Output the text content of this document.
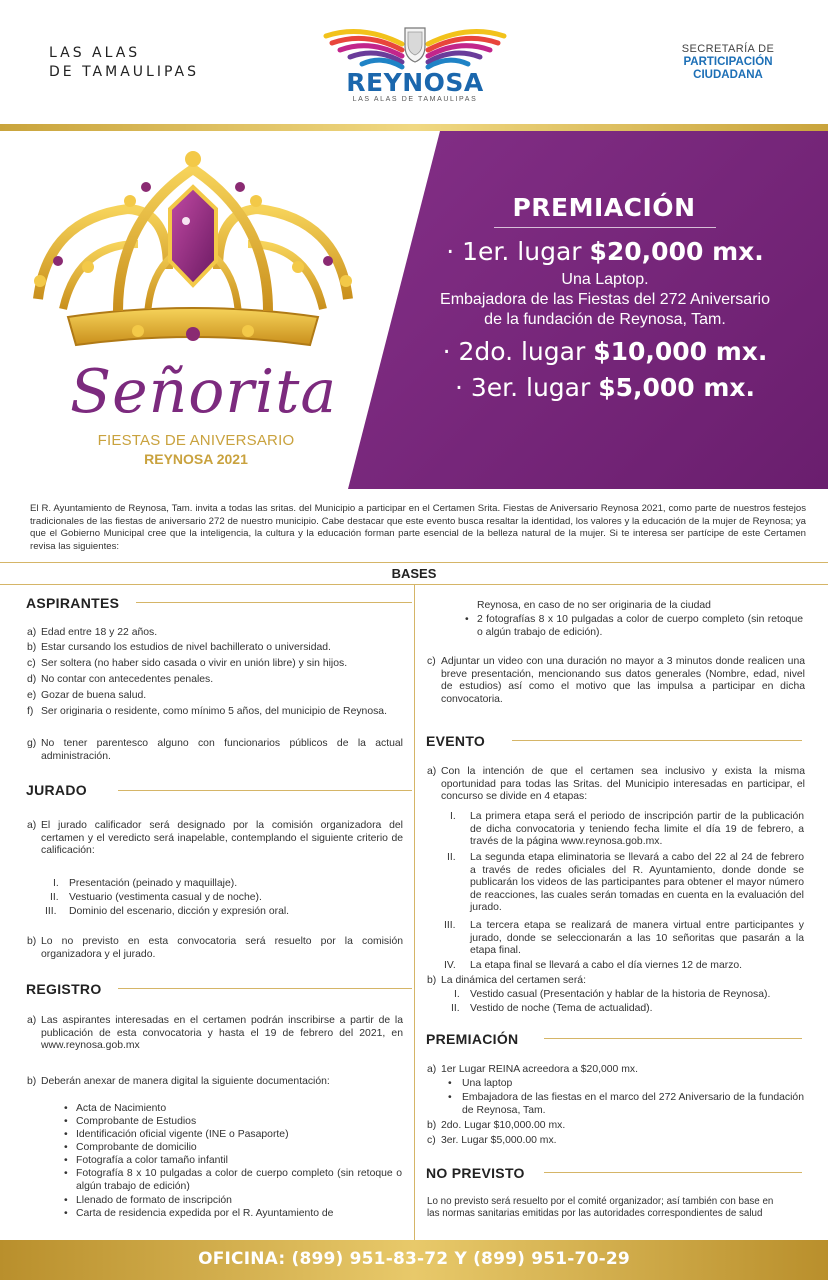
LAS ALAS
DE TAMAULIPAS	REYNOSA
LAS ALAS DE TAMAULIPAS
SECRETARÍA DE
PARTICIPACIÓN
CIUDADANA
Señorita
FIESTAS DE ANIVERSARIO
REYNOSA 2021
PREMIACIÓN
· 1er. lugar $20,000 mx.
Una Laptop.
Embajadora de las Fiestas del 272 Aniversario
de la fundación de Reynosa, Tam.
· 2do. lugar $10,000 mx.
· 3er. lugar $5,000 mx.
El R. Ayuntamiento de Reynosa, Tam. invita a todas las sritas. del Municipio a participar en el Certamen Srita. Fiestas de Aniversario Reynosa 2021, como parte de nuestros festejos tradicionales de las fiestas de aniversario 272 de nuestro municipio. Cabe destacar que este evento busca resaltar la identidad, los valores y la educación de la mujer de Reynosa; ya que el Gobierno Municipal cree que la inteligencia, la cultura y la educación forman parte esencial de la belleza natural de la mujer. Si te interesa ser partícipe de este Certamen revisa las siguientes:
BASES
ASPIRANTES
a) Edad entre 18 y 22 años.
b) Estar cursando los estudios de nivel bachillerato o universidad.
c) Ser soltera (no haber sido casada o vivir en unión libre) y sin hijos.
d) No contar con antecedentes penales.
e) Gozar de buena salud.
f) Ser originaria o residente, como mínimo 5 años, del municipio de Reynosa.
g) No tener parentesco alguno con funcionarios públicos de la actual administración.
JURADO
a) El jurado calificador será designado por la comisión organizadora del certamen y el veredicto será inapelable, contemplando el siguiente criterio de calificación:
I. Presentación (peinado y maquillaje).
II. Vestuario (vestimenta casual y de noche).
III. Dominio del escenario, dicción y expresión oral.
b) Lo no previsto en esta convocatoria será resuelto por la comisión organizadora y el jurado.
REGISTRO
a) Las aspirantes interesadas en el certamen podrán inscribirse a partir de la publicación de esta convocatoria y hasta el 19 de febrero del 2021, en www.reynosa.gob.mx
b) Deberán anexar de manera digital la siguiente documentación:
• Acta de Nacimiento
• Comprobante de Estudios
• Identificación oficial vigente (INE o Pasaporte)
• Comprobante de domicilio
• Fotografía a color tamaño infantil
• Fotografía 8 x 10 pulgadas a color de cuerpo completo (sin retoque o algún trabajo de edición)
• Llenado de formato de inscripción
• Carta de residencia expedida por el R. Ayuntamiento de
Reynosa, en caso de no ser originaria de la ciudad
• 2 fotografías 8 x 10 pulgadas a color de cuerpo completo (sin retoque o algún trabajo de edición).
c) Adjuntar un video con una duración no mayor a 3 minutos donde realicen una breve presentación, mencionando sus datos generales (Nombre, edad, nivel de estudios) así como el motivo que las impulsa a participar en dicha convocatoria.
EVENTO
a) Con la intención de que el certamen sea inclusivo y exista la misma oportunidad para todas las Sritas. del Municipio interesadas en participar, el concurso se divide en 4 etapas:
I. La primera etapa será el periodo de inscripción partir de la publicación de dicha convocatoria y teniendo fecha limite el día 19 de febrero, a través de la página www.reynosa.gob.mx.
II. La segunda etapa eliminatoria se llevará a cabo del 22 al 24 de febrero a través de redes oficiales del R. Ayuntamiento, donde donde se publicarán los videos de las participantes para obtener el mayor número de reacciones, las cuales serán tomadas en cuenta en la evaluación del jurado.
III. La tercera etapa se realizará de manera virtual entre participantes y jurado, donde se seleccionarán a las 10 señoritas que pasarán a la etapa final.
IV. La etapa final se llevará a cabo el día viernes 12 de marzo.
b) La dinámica del certamen será:
I. Vestido casual (Presentación y hablar de la historia de Reynosa).
II. Vestido de noche (Tema de actualidad).
PREMIACIÓN
a) 1er Lugar REINA acreedora a $20,000 mx.
• Una laptop
• Embajadora de las fiestas en el marco del 272 Aniversario de la fundación de Reynosa, Tam.
b) 2do. Lugar $10,000.00 mx.
c) 3er. Lugar $5,000.00 mx.
NO PREVISTO
Lo no previsto será resuelto por el comité organizador; así también con base en las normas sanitarias emitidas por las autoridades correspondientes de salud
OFICINA: (899) 951-83-72 Y (899) 951-70-29
